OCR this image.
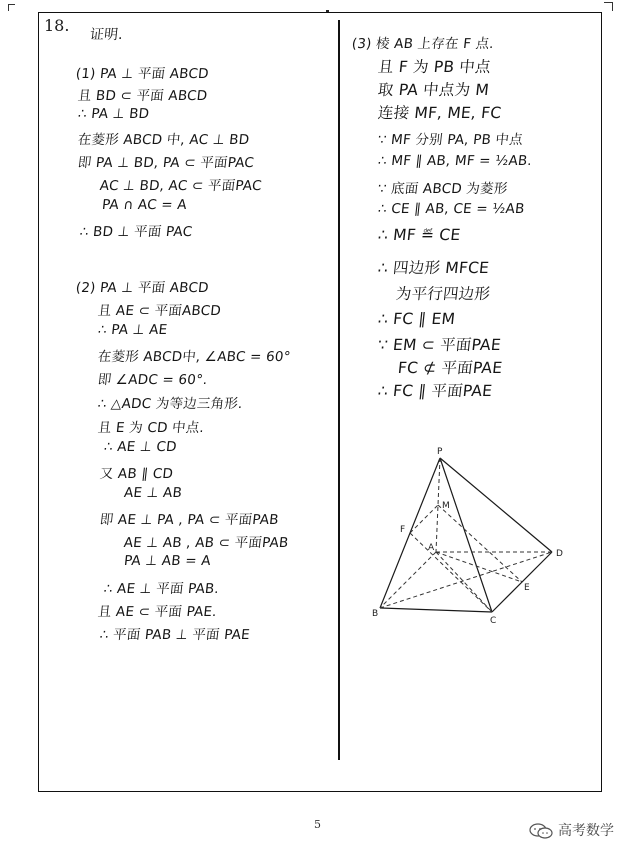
18. 证明.
(1) PA ⊥ 平面 ABCD
且 BD ⊂ 平面 ABCD
∴ PA ⊥ BD
在菱形 ABCD 中, AC ⊥ BD
即 PA ⊥ BD, PA ⊂ 平面PAC
AC ⊥ BD, AC ⊂ 平面PAC
PA ∩ AC = A
∴ BD ⊥ 平面 PAC
(2) PA ⊥ 平面 ABCD
且 AE ⊂ 平面ABCD
∴ PA ⊥ AE
在菱形 ABCD中, ∠ABC = 60°
即 ∠ADC = 60°.
∴ △ADC 为等边三角形.
且 E 为 CD 中点.
∴ AE ⊥ CD
又 AB ∥ CD
AE ⊥ AB
即 AE ⊥ PA , PA ⊂ 平面PAB
AE ⊥ AB , AB ⊂ 平面PAB
PA ⊥ AB = A
∴ AE ⊥ 平面 PAB.
且 AE ⊂ 平面 PAE.
∴ 平面 PAB ⊥ 平面 PAE
(3) 棱 AB 上存在 F 点.
且 F 为 PB 中点
取 PA 中点为 M
连接 MF, ME, FC
∵ MF 分别 PA, PB 中点
∴ MF ∥ AB, MF = ½AB.
∵ 底面 ABCD 为菱形
∴ CE ∥ AB, CE = ½AB
∴ MF ≝ CE
∴ 四边形 MFCE
为平行四边形
∴ FC ∥ EM
∵ EM ⊂ 平面PAE
FC ⊄ 平面PAE
∴ FC ∥ 平面PAE
P
M
F
A
D
E
B
C
5	高考数学
